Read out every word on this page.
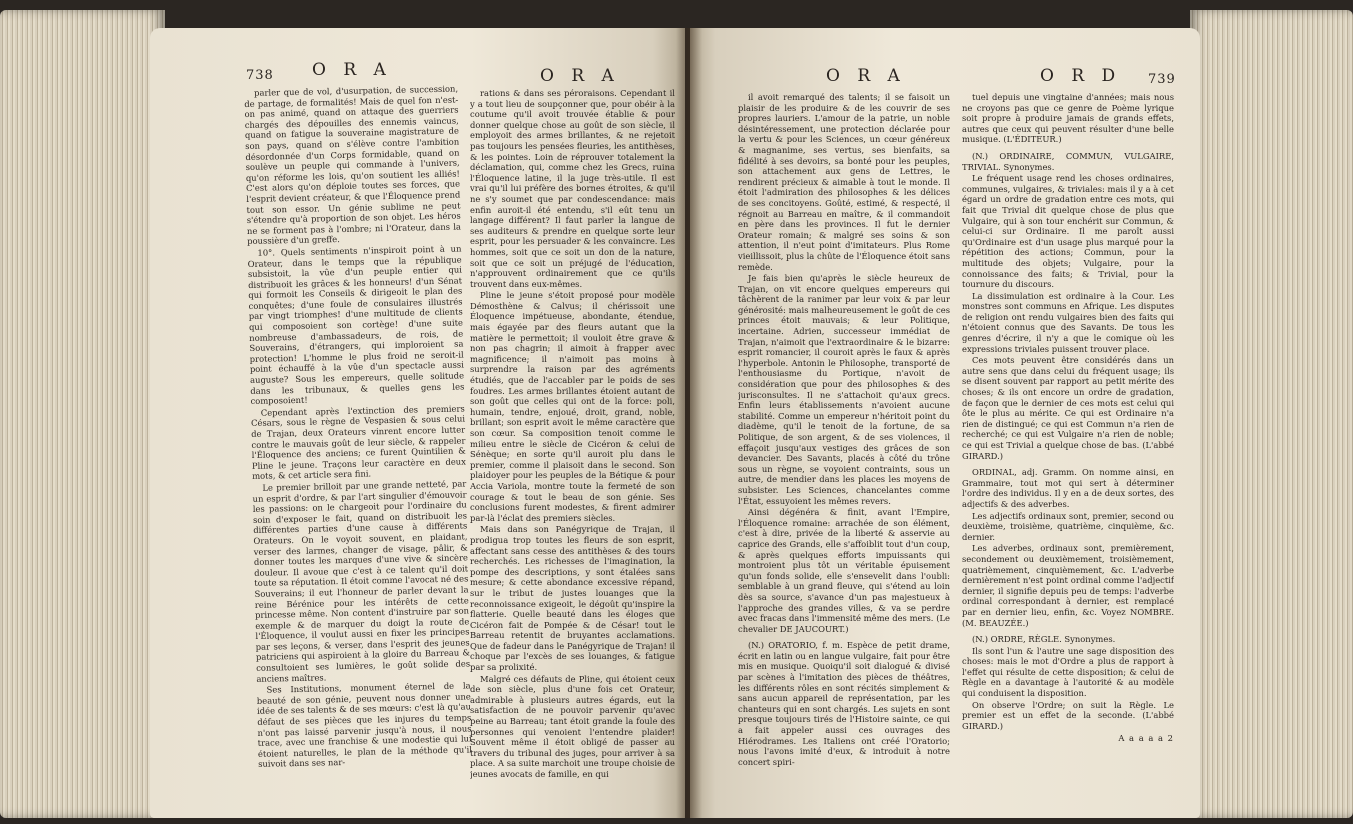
738 O R A	O R A	O R A	O R D 739

parler que de vol, d'usurpation, de succession, de partage, de formalités! Mais de quel fon n'est-on pas animé, quand on attaque des guerriers chargés des dépouilles des ennemis vaincus, quand on fatigue la souveraine magistrature de son pays, quand on s'élève contre l'ambition désordonnée d'un Corps formidable, quand on soulève un peuple qui commande à l'univers, qu'on réforme les lois, qu'on soutient les alliés! C'est alors qu'on déploie toutes ses forces, que l'esprit devient créateur, & que l'Éloquence prend tout son essor. Un génie sublime ne peut s'étendre qu'à proportion de son objet. Les héros ne se forment pas à l'ombre; ni l'Orateur, dans la poussière d'un greffe.

10°. Quels sentiments n'inspiroit point à un Orateur, dans le temps que la république subsistoit, la vûe d'un peuple entier qui distribuoit les grâces & les honneurs! d'un Sénat qui formoit les Conseils & dirigeoit le plan des conquêtes; d'une foule de consulaires illustrés par vingt triomphes! d'une multitude de clients qui composoient son cortège! d'une suite nombreuse d'ambassadeurs, de rois, de Souverains, d'étrangers, qui imploroient sa protection! L'homme le plus froid ne seroit-il point échauffé à la vûe d'un spectacle aussi auguste? Sous les empereurs, quelle solitude dans les tribunaux, & quelles gens les composoient!

Cependant après l'extinction des premiers Césars, sous le règne de Vespasien & sous celui de Trajan, deux Orateurs vinrent encore lutter contre le mauvais goût de leur siècle, & rappeler l'Éloquence des anciens; ce furent Quintilien & Pline le jeune. Traçons leur caractère en deux mots, & cet article sera fini.

Le premier brilloit par une grande netteté, par un esprit d'ordre, & par l'art singulier d'émouvoir les passions: on le chargeoit pour l'ordinaire du soin d'exposer le fait, quand on distribuoit les différentes parties d'une cause à différents Orateurs. On le voyoit souvent, en plaidant, verser des larmes, changer de visage, pâlir, & donner toutes les marques d'une vive & sincère douleur. Il avoue que c'est à ce talent qu'il doit toute sa réputation. Il étoit comme l'avocat né des Souverains; il eut l'honneur de parler devant la reine Bérénice pour les intérêts de cette princesse même. Non content d'instruire par son exemple & de marquer du doigt la route de l'Éloquence, il voulut aussi en fixer les principes par ses leçons, & verser, dans l'esprit des jeunes patriciens qui aspiroient à la gloire du Barreau & consultoient ses lumières, le goût solide des anciens maîtres.

Ses Institutions, monument éternel de la beauté de son génie, peuvent nous donner une idée de ses talents & de ses mœurs: c'est là qu'au défaut de ses pièces que les injures du temps n'ont pas laissé parvenir jusqu'à nous, il nous trace, avec une franchise & une modestie qui lui étoient naturelles, le plan de la méthode qu'il suivoit dans ses nar-

rations & dans ses péroraisons. Cependant il y a tout lieu de soupçonner que, pour obéir à la coutume qu'il avoit trouvée établie & pour donner quelque chose au goût de son siècle, il employoit des armes brillantes, & ne rejetoit pas toujours les pensées fleuries, les antithèses, & les pointes. Loin de réprouver totalement la déclamation, qui, comme chez les Grecs, ruina l'Éloquence latine, il la juge très-utile. Il est vrai qu'il lui préfère des bornes étroites, & qu'il ne s'y soumet que par condescendance: mais enfin auroit-il été entendu, s'il eût tenu un langage différent? Il faut parler la langue de ses auditeurs & prendre en quelque sorte leur esprit, pour les persuader & les convaincre. Les hommes, soit que ce soit un don de la nature, soit que ce soit un préjugé de l'éducation, n'approuvent ordinairement que ce qu'ils trouvent dans eux-mêmes.

Pline le jeune s'étoit proposé pour modèle Démosthène & Calvus; il chérissoit une Éloquence impétueuse, abondante, étendue, mais égayée par des fleurs autant que la matière le permettoit; il vouloit être grave & non pas chagrin; il aimoit à frapper avec magnificence; il n'aimoit pas moins à surprendre la raison par des agréments étudiés, que de l'accabler par le poids de ses foudres. Les armes brillantes étoient autant de son goût que celles qui ont de la force: poli, humain, tendre, enjoué, droit, grand, noble, brillant; son esprit avoit le même caractère que son cœur. Sa composition tenoit comme le milieu entre le siècle de Cicéron & celui de Sénèque; en sorte qu'il auroit plu dans le premier, comme il plaisoit dans le second. Son plaidoyer pour les peuples de la Bétique & pour Accia Variola, montre toute la fermeté de son courage & tout le beau de son génie. Ses conclusions furent modestes, & firent admirer par-là l'éclat des premiers siècles.

Mais dans son Panégyrique de Trajan, il prodigua trop toutes les fleurs de son esprit, affectant sans cesse des antithèses & des tours recherchés. Les richesses de l'imagination, la pompe des descriptions, y sont étalées sans mesure; & cette abondance excessive répand, sur le tribut de justes louanges que la reconnoissance exigeoit, le dégoût qu'inspire la flatterie. Quelle beauté dans les éloges que Cicéron fait de Pompée & de César! tout le Barreau retentit de bruyantes acclamations. Que de fadeur dans le Panégyrique de Trajan! il choque par l'excès de ses louanges, & fatigue par sa prolixité.

Malgré ces défauts de Pline, qui étoient ceux de son siècle, plus d'une fois cet Orateur, admirable à plusieurs autres égards, eut la satisfaction de ne pouvoir parvenir qu'avec peine au Barreau; tant étoit grande la foule des personnes qui venoient l'entendre plaider! Souvent même il étoit obligé de passer au travers du tribunal des juges, pour arriver à sa place. A sa suite marchoit une troupe choisie de jeunes avocats de famille, en qui

il avoit remarqué des talents; il se faisoit un plaisir de les produire & de les couvrir de ses propres lauriers. L'amour de la patrie, un noble désintéressement, une protection déclarée pour la vertu & pour les Sciences, un cœur généreux & magnanime, ses vertus, ses bienfaits, sa fidélité à ses devoirs, sa bonté pour les peuples, son attachement aux gens de Lettres, le rendirent précieux & aimable à tout le monde. Il étoit l'admiration des philosophes & les délices de ses concitoyens. Goûté, estimé, & respecté, il régnoit au Barreau en maître, & il commandoit en père dans les provinces. Il fut le dernier Orateur romain; & malgré ses soins & son attention, il n'eut point d'imitateurs. Plus Rome vieillissoit, plus la chûte de l'Éloquence étoit sans remède.

Je fais bien qu'après le siècle heureux de Trajan, on vit encore quelques empereurs qui tâchèrent de la ranimer par leur voix & par leur générosité: mais malheureusement le goût de ces princes étoit mauvais; & leur Politique, incertaine. Adrien, successeur immédiat de Trajan, n'aimoit que l'extraordinaire & le bizarre: esprit romancier, il couroit après le faux & après l'hyperbole. Antonin le Philosophe, transporté de l'enthousiasme du Portique, n'avoit de considération que pour des philosophes & des jurisconsultes. Il ne s'attachoit qu'aux grecs. Enfin leurs établissements n'avoient aucune stabilité. Comme un empereur n'héritoit point du diadème, qu'il le tenoit de la fortune, de sa Politique, de son argent, & de ses violences, il effaçoit jusqu'aux vestiges des grâces de son devancier. Des Savants, placés à côté du trône sous un règne, se voyoient contraints, sous un autre, de mendier dans les places les moyens de subsister. Les Sciences, chancelantes comme l'État, essuyoient les mêmes revers.

Ainsi dégénéra & finit, avant l'Empire, l'Éloquence romaine: arrachée de son élément, c'est à dire, privée de la liberté & asservie au caprice des Grands, elle s'affoiblit tout d'un coup, & après quelques efforts impuissants qui montroient plus tôt un véritable épuisement qu'un fonds solide, elle s'ensevelit dans l'oubli: semblable à un grand fleuve, qui s'étend au loin dès sa source, s'avance d'un pas majestueux à l'approche des grandes villes, & va se perdre avec fracas dans l'immensité même des mers. (Le chevalier DE JAUCOURT.)

(N.) ORATORIO, f. m. Espèce de petit drame, écrit en latin ou en langue vulgaire, fait pour être mis en musique. Quoiqu'il soit dialogué & divisé par scènes à l'imitation des pièces de théâtres, les différents rôles en sont récités simplement & sans aucun appareil de représentation, par les chanteurs qui en sont chargés. Les sujets en sont presque toujours tirés de l'Histoire sainte, ce qui a fait appeler aussi ces ouvrages des Hiérodrames. Les Italiens ont créé l'Oratorio; nous l'avons imité d'eux, & introduit à notre concert spiri-

tuel depuis une vingtaine d'années; mais nous ne croyons pas que ce genre de Poème lyrique soit propre à produire jamais de grands effets, autres que ceux qui peuvent résulter d'une belle musique. (L'ÉDITEUR.)

(N.) ORDINAIRE, COMMUN, VULGAIRE, TRIVIAL. Synonymes.

Le fréquent usage rend les choses ordinaires, communes, vulgaires, & triviales: mais il y a à cet égard un ordre de gradation entre ces mots, qui fait que Trivial dit quelque chose de plus que Vulgaire, qui à son tour enchérit sur Commun, & celui-ci sur Ordinaire. Il me paroît aussi qu'Ordinaire est d'un usage plus marqué pour la répétition des actions; Commun, pour la multitude des objets; Vulgaire, pour la connoissance des faits; & Trivial, pour la tournure du discours.

La dissimulation est ordinaire à la Cour. Les monstres sont communs en Afrique. Les disputes de religion ont rendu vulgaires bien des faits qui n'étoient connus que des Savants. De tous les genres d'écrire, il n'y a que le comique où les expressions triviales puissent trouver place.

Ces mots peuvent être considérés dans un autre sens que dans celui du fréquent usage; ils se disent souvent par rapport au petit mérite des choses; & ils ont encore un ordre de gradation, de façon que le dernier de ces mots est celui qui ôte le plus au mérite. Ce qui est Ordinaire n'a rien de distingué; ce qui est Commun n'a rien de recherché; ce qui est Vulgaire n'a rien de noble; ce qui est Trivial a quelque chose de bas. (L'abbé GIRARD.)

ORDINAL, adj. Gramm. On nomme ainsi, en Grammaire, tout mot qui sert à déterminer l'ordre des individus. Il y en a de deux sortes, des adjectifs & des adverbes.

Les adjectifs ordinaux sont, premier, second ou deuxième, troisième, quatrième, cinquième, &c. dernier.

Les adverbes, ordinaux sont, premièrement, secondement ou deuxièmement, troisièmement, quatrièmement, cinquièmement, &c. L'adverbe dernièrement n'est point ordinal comme l'adjectif dernier, il signifie depuis peu de temps: l'adverbe ordinal correspondant à dernier, est remplacé par en dernier lieu, enfin, &c. Voyez NOMBRE. (M. BEAUZÉE.)

(N.) ORDRE, RÈGLE. Synonymes.

Ils sont l'un & l'autre une sage disposition des choses: mais le mot d'Ordre a plus de rapport à l'effet qui résulte de cette disposition; & celui de Règle en a davantage à l'autorité & au modèle qui conduisent la disposition.

On observe l'Ordre; on suit la Règle. Le premier est un effet de la seconde. (L'abbé GIRARD.)

A a a a a 2
